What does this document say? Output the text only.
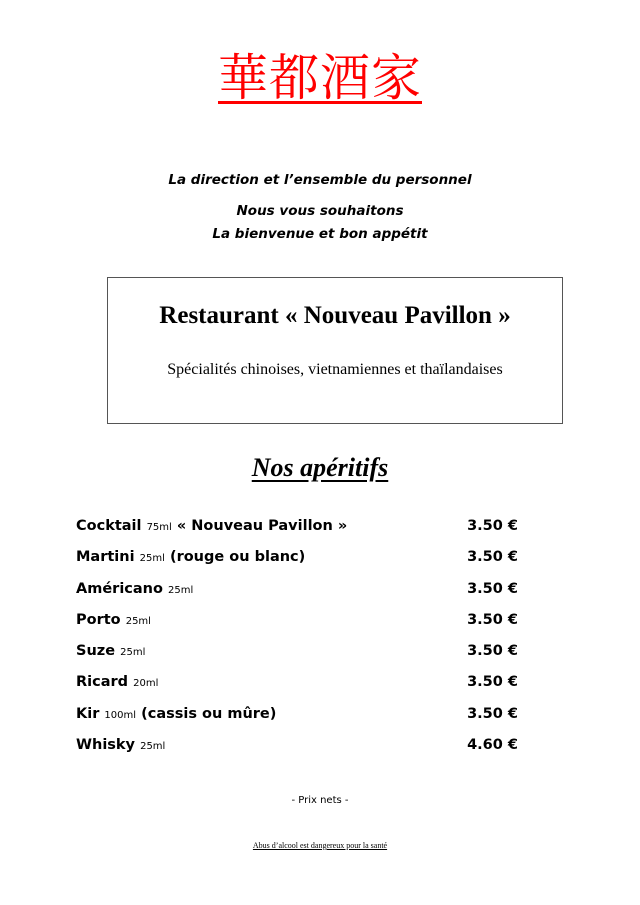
華都酒家
La direction et l’ensemble du personnel
Nous vous souhaitons
La bienvenue et bon appétit
Restaurant « Nouveau Pavillon »
Spécialités chinoises, vietnamiennes et thaïlandaises
Nos apéritifs
Cocktail 75ml « Nouveau Pavillon »	3.50 €
Martini 25ml (rouge ou blanc)	3.50 €
Américano 25ml	3.50 €
Porto 25ml	3.50 €
Suze 25ml	3.50 €
Ricard 20ml	3.50 €
Kir 100ml (cassis ou mûre)	3.50 €
Whisky 25ml	4.60 €
- Prix nets -
Abus d’alcool est dangereux pour la santé
